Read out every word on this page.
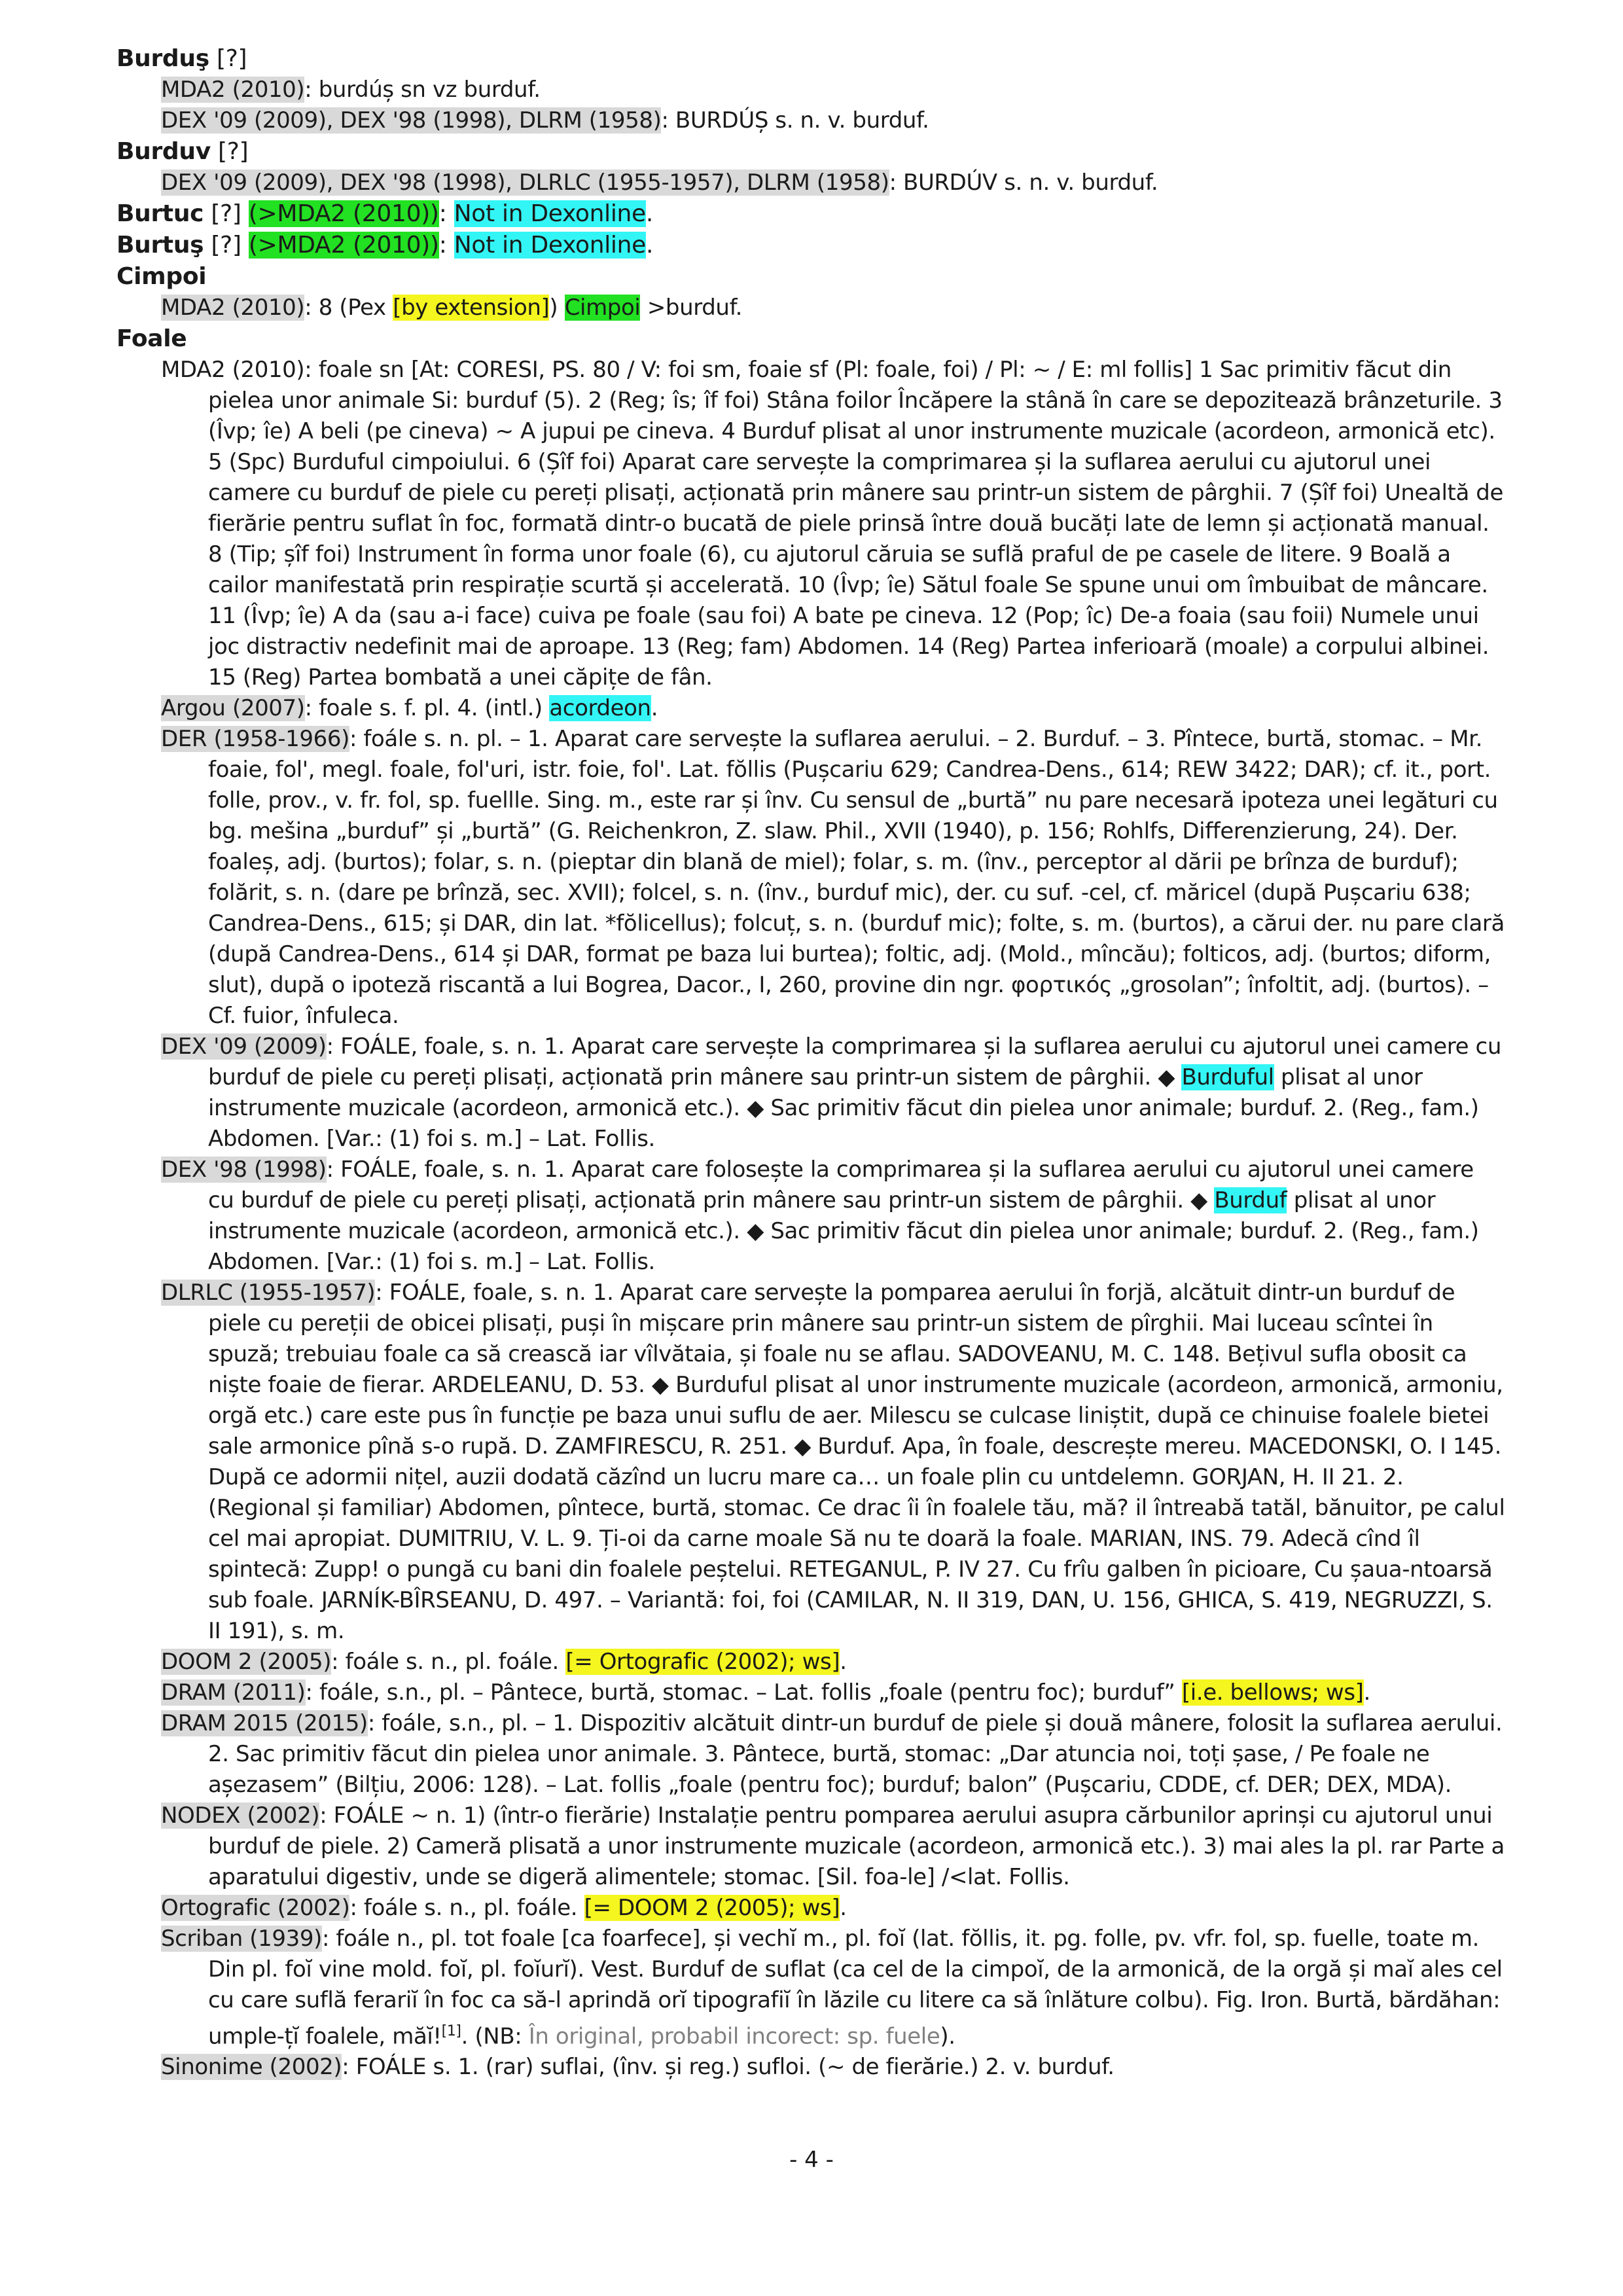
Burduş [?]
MDA2 (2010): burdúș sn vz burduf.
DEX '09 (2009), DEX '98 (1998), DLRM (1958): BURDÚȘ s. n. v. burduf.
Burduv [?]
DEX '09 (2009), DEX '98 (1998), DLRLC (1955-1957), DLRM (1958): BURDÚV s. n. v. burduf.
Burtuc [?] (>MDA2 (2010)): Not in Dexonline.
Burtuş [?] (>MDA2 (2010)): Not in Dexonline.
Cimpoi
MDA2 (2010): 8 (Pex [by extension]) Cimpoi >burduf.
Foale
MDA2 (2010): foale sn [At: CORESI, PS. 80 / V: foi sm, foaie sf (Pl: foale, foi) / Pl: ~ / E: ml follis] 1 Sac primitiv făcut din pielea unor animale Si: burduf (5). 2 (Reg; îs; îf foi) Stâna foilor Încăpere la stână în care se depozitează brânzeturile. 3 (Îvp; îe) A beli (pe cineva) ~ A jupui pe cineva. 4 Burduf plisat al unor instrumente muzicale (acordeon, armonică etc). 5 (Spc) Burduful cimpoiului. 6 (Șîf foi) Aparat care servește la comprimarea și la suflarea aerului cu ajutorul unei camere cu burduf de piele cu pereți plisați, acționată prin mânere sau printr-un sistem de pârghii. 7 (Șîf foi) Unealtă de fierărie pentru suflat în foc, formată dintr-o bucată de piele prinsă între două bucăți late de lemn și acționată manual. 8 (Tip; șîf foi) Instrument în forma unor foale (6), cu ajutorul căruia se suflă praful de pe casele de litere. 9 Boală a cailor manifestată prin respirație scurtă și accelerată. 10 (Îvp; îe) Sătul foale Se spune unui om îmbuibat de mâncare. 11 (Îvp; îe) A da (sau a-i face) cuiva pe foale (sau foi) A bate pe cineva. 12 (Pop; îc) De-a foaia (sau foii) Numele unui joc distractiv nedefinit mai de aproape. 13 (Reg; fam) Abdomen. 14 (Reg) Partea inferioară (moale) a corpului albinei. 15 (Reg) Partea bombată a unei căpițe de fân.
Argou (2007): foale s. f. pl. 4. (intl.) acordeon.
DER (1958-1966): foále s. n. pl. – 1. Aparat care servește la suflarea aerului. – 2. Burduf. – 3. Pîntece, burtă, stomac. – Mr. foaie, fol', megl. foale, fol'uri, istr. foie, fol'. Lat. fŏllis (Pușcariu 629; Candrea-Dens., 614; REW 3422; DAR); cf. it., port. folle, prov., v. fr. fol, sp. fuellle. Sing. m., este rar și înv. Cu sensul de „burtă” nu pare necesară ipoteza unei legături cu bg. mešina „burduf” și „burtă” (G. Reichenkron, Z. slaw. Phil., XVII (1940), p. 156; Rohlfs, Differenzierung, 24). Der. foaleș, adj. (burtos); folar, s. n. (pieptar din blană de miel); folar, s. m. (înv., perceptor al dării pe brînza de burduf); folărit, s. n. (dare pe brînză, sec. XVII); folcel, s. n. (înv., burduf mic), der. cu suf. -cel, cf. măricel (după Pușcariu 638; Candrea-Dens., 615; și DAR, din lat. *fŏlicellus); folcuț, s. n. (burduf mic); folte, s. m. (burtos), a cărui der. nu pare clară (după Candrea-Dens., 614 și DAR, format pe baza lui burtea); foltic, adj. (Mold., mîncău); folticos, adj. (burtos; diform, slut), după o ipoteză riscantă a lui Bogrea, Dacor., I, 260, provine din ngr. φορτικός „grosolan”; înfoltit, adj. (burtos). – Cf. fuior, înfuleca.
DEX '09 (2009): FOÁLE, foale, s. n. 1. Aparat care servește la comprimarea și la suflarea aerului cu ajutorul unei camere cu burduf de piele cu pereți plisați, acționată prin mânere sau printr-un sistem de pârghii. ◆ Burduful plisat al unor instrumente muzicale (acordeon, armonică etc.). ◆ Sac primitiv făcut din pielea unor animale; burduf. 2. (Reg., fam.) Abdomen. [Var.: (1) foi s. m.] – Lat. Follis.
DEX '98 (1998): FOÁLE, foale, s. n. 1. Aparat care folosește la comprimarea și la suflarea aerului cu ajutorul unei camere cu burduf de piele cu pereți plisați, acționată prin mânere sau printr-un sistem de pârghii. ◆ Burduf plisat al unor instrumente muzicale (acordeon, armonică etc.). ◆ Sac primitiv făcut din pielea unor animale; burduf. 2. (Reg., fam.) Abdomen. [Var.: (1) foi s. m.] – Lat. Follis.
DLRLC (1955-1957): FOÁLE, foale, s. n. 1. Aparat care servește la pomparea aerului în forjă, alcătuit dintr-un burduf de piele cu pereții de obicei plisați, puși în mișcare prin mânere sau printr-un sistem de pîrghii. Mai luceau scîntei în spuză; trebuiau foale ca să crească iar vîlvătaia, și foale nu se aflau. SADOVEANU, M. C. 148. Bețivul sufla obosit ca niște foaie de fierar. ARDELEANU, D. 53. ◆ Burduful plisat al unor instrumente muzicale (acordeon, armonică, armoniu, orgă etc.) care este pus în funcție pe baza unui suflu de aer. Milescu se culcase liniștit, după ce chinuise foalele bietei sale armonice pînă s-o rupă. D. ZAMFIRESCU, R. 251. ◆ Burduf. Apa, în foale, descrește mereu. MACEDONSKI, O. I 145. După ce adormii nițel, auzii dodată căzînd un lucru mare ca… un foale plin cu untdelemn. GORJAN, H. II 21. 2. (Regional și familiar) Abdomen, pîntece, burtă, stomac. Ce drac îi în foalele tău, mă? il întreabă tatăl, bănuitor, pe calul cel mai apropiat. DUMITRIU, V. L. 9. Ți-oi da carne moale Să nu te doară la foale. MARIAN, INS. 79. Adecă cînd îl spintecă: Zupp! o pungă cu bani din foalele peștelui. RETEGANUL, P. IV 27. Cu frîu galben în picioare, Cu șaua-ntoarsă sub foale. JARNÍK-BÎRSEANU, D. 497. – Variantă: foi, foi (CAMILAR, N. II 319, DAN, U. 156, GHICA, S. 419, NEGRUZZI, S. II 191), s. m.
DOOM 2 (2005): foále s. n., pl. foále. [= Ortografic (2002); ws].
DRAM (2011): foále, s.n., pl. – Pântece, burtă, stomac. – Lat. follis „foale (pentru foc); burduf” [i.e. bellows; ws].
DRAM 2015 (2015): foále, s.n., pl. – 1. Dispozitiv alcătuit dintr-un burduf de piele și două mânere, folosit la suflarea aerului. 2. Sac primitiv făcut din pielea unor animale. 3. Pântece, burtă, stomac: „Dar atuncia noi, toți șase, / Pe foale ne așezasem” (Bilțiu, 2006: 128). – Lat. follis „foale (pentru foc); burduf; balon” (Pușcariu, CDDE, cf. DER; DEX, MDA).
NODEX (2002): FOÁLE ~ n. 1) (într-o fierărie) Instalație pentru pomparea aerului asupra cărbunilor aprinși cu ajutorul unui burduf de piele. 2) Cameră plisată a unor instrumente muzicale (acordeon, armonică etc.). 3) mai ales la pl. rar Parte a aparatului digestiv, unde se digeră alimentele; stomac. [Sil. foa-le] /<lat. Follis.
Ortografic (2002): foále s. n., pl. foále. [= DOOM 2 (2005); ws].
Scriban (1939): foále n., pl. tot foale [ca foarfece], și vechĭ m., pl. foĭ (lat. fŏllis, it. pg. folle, pv. vfr. fol, sp. fuelle, toate m. Din pl. foĭ vine mold. foĭ, pl. foĭurĭ). Vest. Burduf de suflat (ca cel de la cimpoĭ, de la armonică, de la orgă și maĭ ales cel cu care suflă ferariĭ în foc ca să-l aprindă orĭ tipografiĭ în lăzile cu litere ca să înlăture colbu). Fig. Iron. Burtă, bărdăhan: umple-țĭ foalele, măĭ![1]. (NB: În original, probabil incorect: sp. fuele).
Sinonime (2002): FOÁLE s. 1. (rar) suflai, (înv. și reg.) sufloi. (~ de fierărie.) 2. v. burduf.
- 4 -
